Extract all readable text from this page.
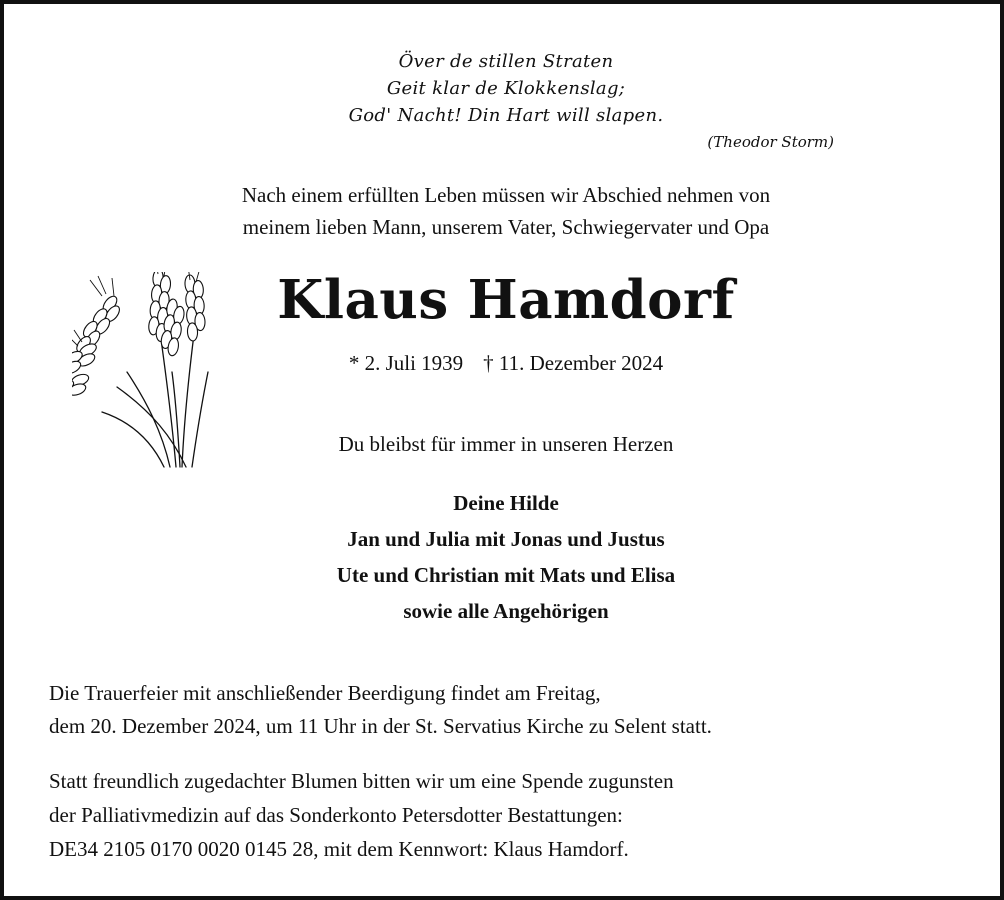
Över de stillen Straten
Geit klar de Klokkenslag;
God' Nacht! Din Hart will slapen.
(Theodor Storm)
Nach einem erfüllten Leben müssen wir Abschied nehmen von
meinem lieben Mann, unserem Vater, Schwiegervater und Opa
Klaus Hamdorf
* 2. Juli 1939 † 11. Dezember 2024
Du bleibst für immer in unseren Herzen
Deine Hilde
Jan und Julia mit Jonas und Justus
Ute und Christian mit Mats und Elisa
sowie alle Angehörigen
Die Trauerfeier mit anschließender Beerdigung findet am Freitag,
dem 20. Dezember 2024, um 11 Uhr in der St. Servatius Kirche zu Selent statt.
Statt freundlich zugedachter Blumen bitten wir um eine Spende zugunsten
der Palliativmedizin auf das Sonderkonto Petersdotter Bestattungen:
DE34 2105 0170 0020 0145 28, mit dem Kennwort: Klaus Hamdorf.
